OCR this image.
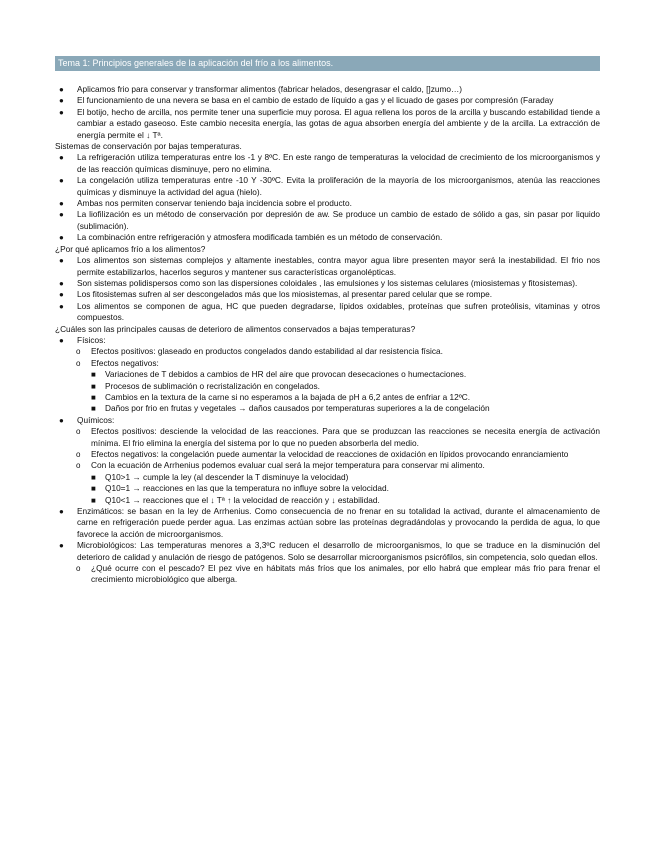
Tema 1: Principios generales de la aplicación del frío a los alimentos.
● Aplicamos frio para conservar y transformar alimentos (fabricar helados, desengrasar el caldo, []zumo…)
● El funcionamiento de una nevera se basa en el cambio de estado de líquido a gas y el licuado de gases por compresión (Faraday
● El botijo, hecho de arcilla, nos permite tener una superficie muy porosa. El agua rellena los poros de la arcilla y buscando estabilidad tiende a cambiar a estado gaseoso. Este cambio necesita energía, las gotas de agua absorben energía del ambiente y de la arcilla. La extracción de energía permite el ↓ Tª.
Sistemas de conservación por bajas temperaturas.
● La refrigeración utiliza temperaturas entre los -1 y 8ºC. En este rango de temperaturas la velocidad de crecimiento de los microorganismos y de las reacción químicas disminuye, pero no elimina.
● La congelación utiliza temperaturas entre -10 Y -30ºC. Evita la proliferación de la mayoría de los microorganismos, atenúa las reacciones químicas y disminuye la actividad del agua (hielo).
● Ambas nos permiten conservar teniendo baja incidencia sobre el producto.
● La liofilización es un método de conservación por depresión de aw. Se produce un cambio de estado de sólido a gas, sin pasar por liquido (sublimación).
● La combinación entre refrigeración y atmosfera modificada también es un método de conservación.
¿Por qué aplicamos frío a los alimentos?
● Los alimentos son sistemas complejos y altamente inestables, contra mayor agua libre presenten mayor será la inestabilidad. El frio nos permite estabilizarlos, hacerlos seguros y mantener sus características organolépticas.
● Son sistemas polidispersos como son las dispersiones coloidales , las emulsiones y los sistemas celulares (miosistemas y fitosistemas).
● Los fitosistemas sufren al ser descongelados más que los miosistemas, al presentar pared celular que se rompe.
● Los alimentos se componen de agua, HC que pueden degradarse, lípidos oxidables, proteínas que sufren proteólisis, vitaminas y otros compuestos.
¿Cuáles son las principales causas de deterioro de alimentos conservados a bajas temperaturas?
● Físicos:
o Efectos positivos: glaseado en productos congelados dando estabilidad al dar resistencia física.
o Efectos negativos:
■ Variaciones de T debidos a cambios de HR del aire que provocan desecaciones o humectaciones.
■ Procesos de sublimación o recristalización en congelados.
■ Cambios en la textura de la carne si no esperamos a la bajada de pH a 6,2 antes de enfriar a 12ºC.
■ Daños por frio en frutas y vegetales → daños causados por temperaturas superiores a la de congelación
● Químicos:
o Efectos positivos: desciende la velocidad de las reacciones. Para que se produzcan las reacciones se necesita energía de activación mínima. El frio elimina la energía del sistema por lo que no pueden absorberla del medio.
o Efectos negativos: la congelación puede aumentar la velocidad de reacciones de oxidación en lípidos provocando enranciamiento
o Con la ecuación de Arrhenius podemos evaluar cual será la mejor temperatura para conservar mi alimento.
■ Q10>1 → cumple la ley (al descender la T disminuye la velocidad)
■ Q10=1 → reacciones en las que la temperatura no influye sobre la velocidad.
■ Q10<1 → reacciones que el ↓ Tª ↑ la velocidad de reacción y ↓ estabilidad.
● Enzimáticos: se basan en la ley de Arrhenius. Como consecuencia de no frenar en su totalidad la activad, durante el almacenamiento de carne en refrigeración puede perder agua. Las enzimas actúan sobre las proteínas degradándolas y provocando la perdida de agua, lo que favorece la acción de microorganismos.
● Microbiológicos: Las temperaturas menores a 3,3ºC reducen el desarrollo de microorganismos, lo que se traduce en la disminución del deterioro de calidad y anulación de riesgo de patógenos. Solo se desarrollar microorganismos psicrófilos, sin competencia, solo quedan ellos.
o ¿Qué ocurre con el pescado? El pez vive en hábitats más fríos que los animales, por ello habrá que emplear más frio para frenar el crecimiento microbiológico que alberga.
